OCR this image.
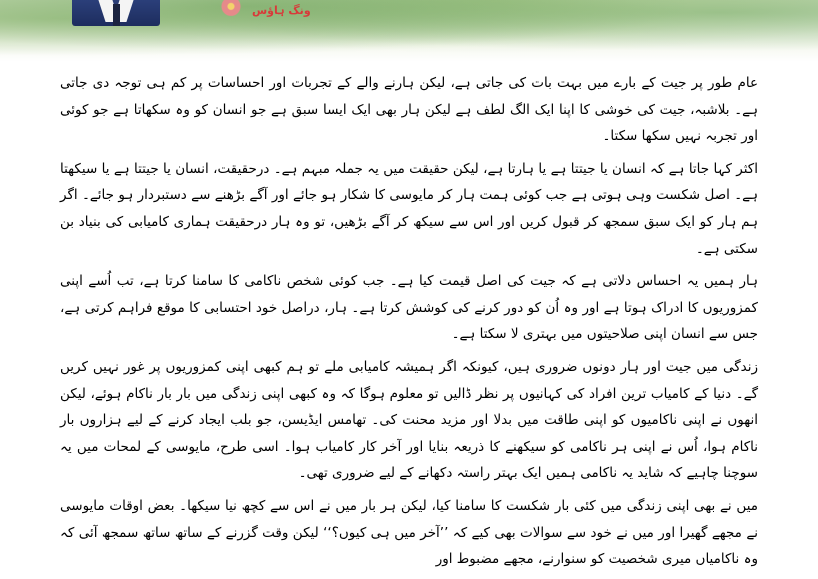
ونگ ہاؤس

عام طور پر جیت کے بارے میں بہت بات کی جاتی ہے، لیکن ہارنے والے کے تجربات اور احساسات پر کم ہی توجہ دی جاتی ہے۔ بلاشبہ، جیت کی خوشی کا اپنا ایک الگ لطف ہے لیکن ہار بھی ایک ایسا سبق ہے جو انسان کو وہ سکھاتا ہے جو کوئی اور تجربہ نہیں سکھا سکتا۔

اکثر کہا جاتا ہے کہ انسان یا جیتتا ہے یا ہارتا ہے، لیکن حقیقت میں یہ جملہ مبہم ہے۔ درحقیقت، انسان یا جیتتا ہے یا سیکھتا ہے۔ اصل شکست وہی ہوتی ہے جب کوئی ہمت ہار کر مایوسی کا شکار ہو جائے اور آگے بڑھنے سے دستبردار ہو جائے۔ اگر ہم ہار کو ایک سبق سمجھ کر قبول کریں اور اس سے سیکھ کر آگے بڑھیں، تو وہ ہار درحقیقت ہماری کامیابی کی بنیاد بن سکتی ہے۔

ہار ہمیں یہ احساس دلاتی ہے کہ جیت کی اصل قیمت کیا ہے۔ جب کوئی شخص ناکامی کا سامنا کرتا ہے، تب اُسے اپنی کمزوریوں کا ادراک ہوتا ہے اور وہ اُن کو دور کرنے کی کوشش کرتا ہے۔ ہار، دراصل خود احتسابی کا موقع فراہم کرتی ہے، جس سے انسان اپنی صلاحیتوں میں بہتری لا سکتا ہے۔

زندگی میں جیت اور ہار دونوں ضروری ہیں، کیونکہ اگر ہمیشہ کامیابی ملے تو ہم کبھی اپنی کمزوریوں پر غور نہیں کریں گے۔ دنیا کے کامیاب ترین افراد کی کہانیوں پر نظر ڈالیں تو معلوم ہوگا کہ وہ کبھی اپنی زندگی میں بار بار ناکام ہوئے، لیکن انھوں نے اپنی ناکامیوں کو اپنی طاقت میں بدلا اور مزید محنت کی۔ تھامس ایڈیسن، جو بلب ایجاد کرنے کے لیے ہزاروں بار ناکام ہوا، اُس نے اپنی ہر ناکامی کو سیکھنے کا ذریعہ بنایا اور آخر کار کامیاب ہوا۔ اسی طرح، مایوسی کے لمحات میں یہ سوچنا چاہیے کہ شاید یہ ناکامی ہمیں ایک بہتر راستہ دکھانے کے لیے ضروری تھی۔

میں نے بھی اپنی زندگی میں کئی بار شکست کا سامنا کیا، لیکن ہر بار میں نے اس سے کچھ نیا سیکھا۔ بعض اوقات مایوسی نے مجھے گھیرا اور میں نے خود سے سوالات بھی کیے کہ ’’آخر میں ہی کیوں؟‘‘ لیکن وقت گزرنے کے ساتھ ساتھ سمجھ آئی کہ وہ ناکامیاں میری شخصیت کو سنوارنے، مجھے مضبوط اور
